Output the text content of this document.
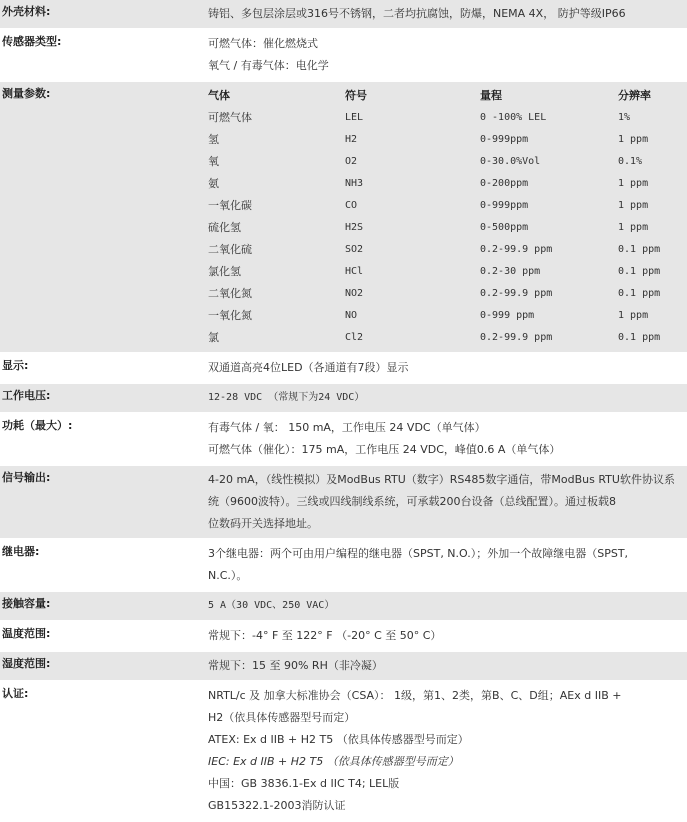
外壳材料:	铸铝、多包层涂层或316号不锈钢，二者均抗腐蚀，防爆，NEMA 4X， 防护等级IP66

传感器类型:	可燃气体：催化燃烧式
氧气 / 有毒气体：电化学

测量参数:		气体	符号	量程	分辨率
可燃气体	LEL	0 -100% LEL	1%
氢	H2	0-999ppm	1 ppm
氧	O2	0-30.0%Vol	0.1%
氨	NH3	0-200ppm	1 ppm
一氧化碳	CO	0-999ppm	1 ppm
硫化氢	H2S	0-500ppm	1 ppm
二氧化硫	SO2	0.2-99.9 ppm	0.1 ppm
氯化氢	HCl	0.2-30 ppm	0.1 ppm
二氧化氮	NO2	0.2-99.9 ppm	0.1 ppm
一氧化氮	NO	0-999 ppm	1 ppm
氯	Cl2	0.2-99.9 ppm	0.1 ppm

显示:	双通道高亮4位LED（各通道有7段）显示

工作电压:	12-28 VDC （常规下为24 VDC）

功耗（最大）:	有毒气体 / 氧： 150 mA，工作电压 24 VDC（单气体）
可燃气体（催化）：175 mA，工作电压 24 VDC，峰值0.6 A（单气体）

信号输出:	4-20 mA，（线性模拟）及ModBus RTU（数字）RS485数字通信，带ModBus RTU软件协议系
统（9600波特）。三线或四线制线系统，可承载200台设备（总线配置）。通过板载8
位数码开关选择地址。

继电器:	3个继电器：两个可由用户编程的继电器（SPST, N.O.）；外加一个故障继电器（SPST,
N.C.）。

接触容量:	5 A（30 VDC、250 VAC）

温度范围:	常规下：-4° F 至 122° F （-20° C 至 50° C）

湿度范围:	常规下：15 至 90% RH（非冷凝）

认证:	NRTL/c 及 加拿大标准协会（CSA）： 1级，第1、2类，第B、C、D组；AEx d IIB +
H2（依具体传感器型号而定）
ATEX: Ex d IIB + H2 T5 （依具体传感器型号而定）
IEC: Ex d IIB + H2 T5 （依具体传感器型号而定）
中国：GB 3836.1-Ex d IIC T4; LEL版
GB15322.1-2003消防认证
